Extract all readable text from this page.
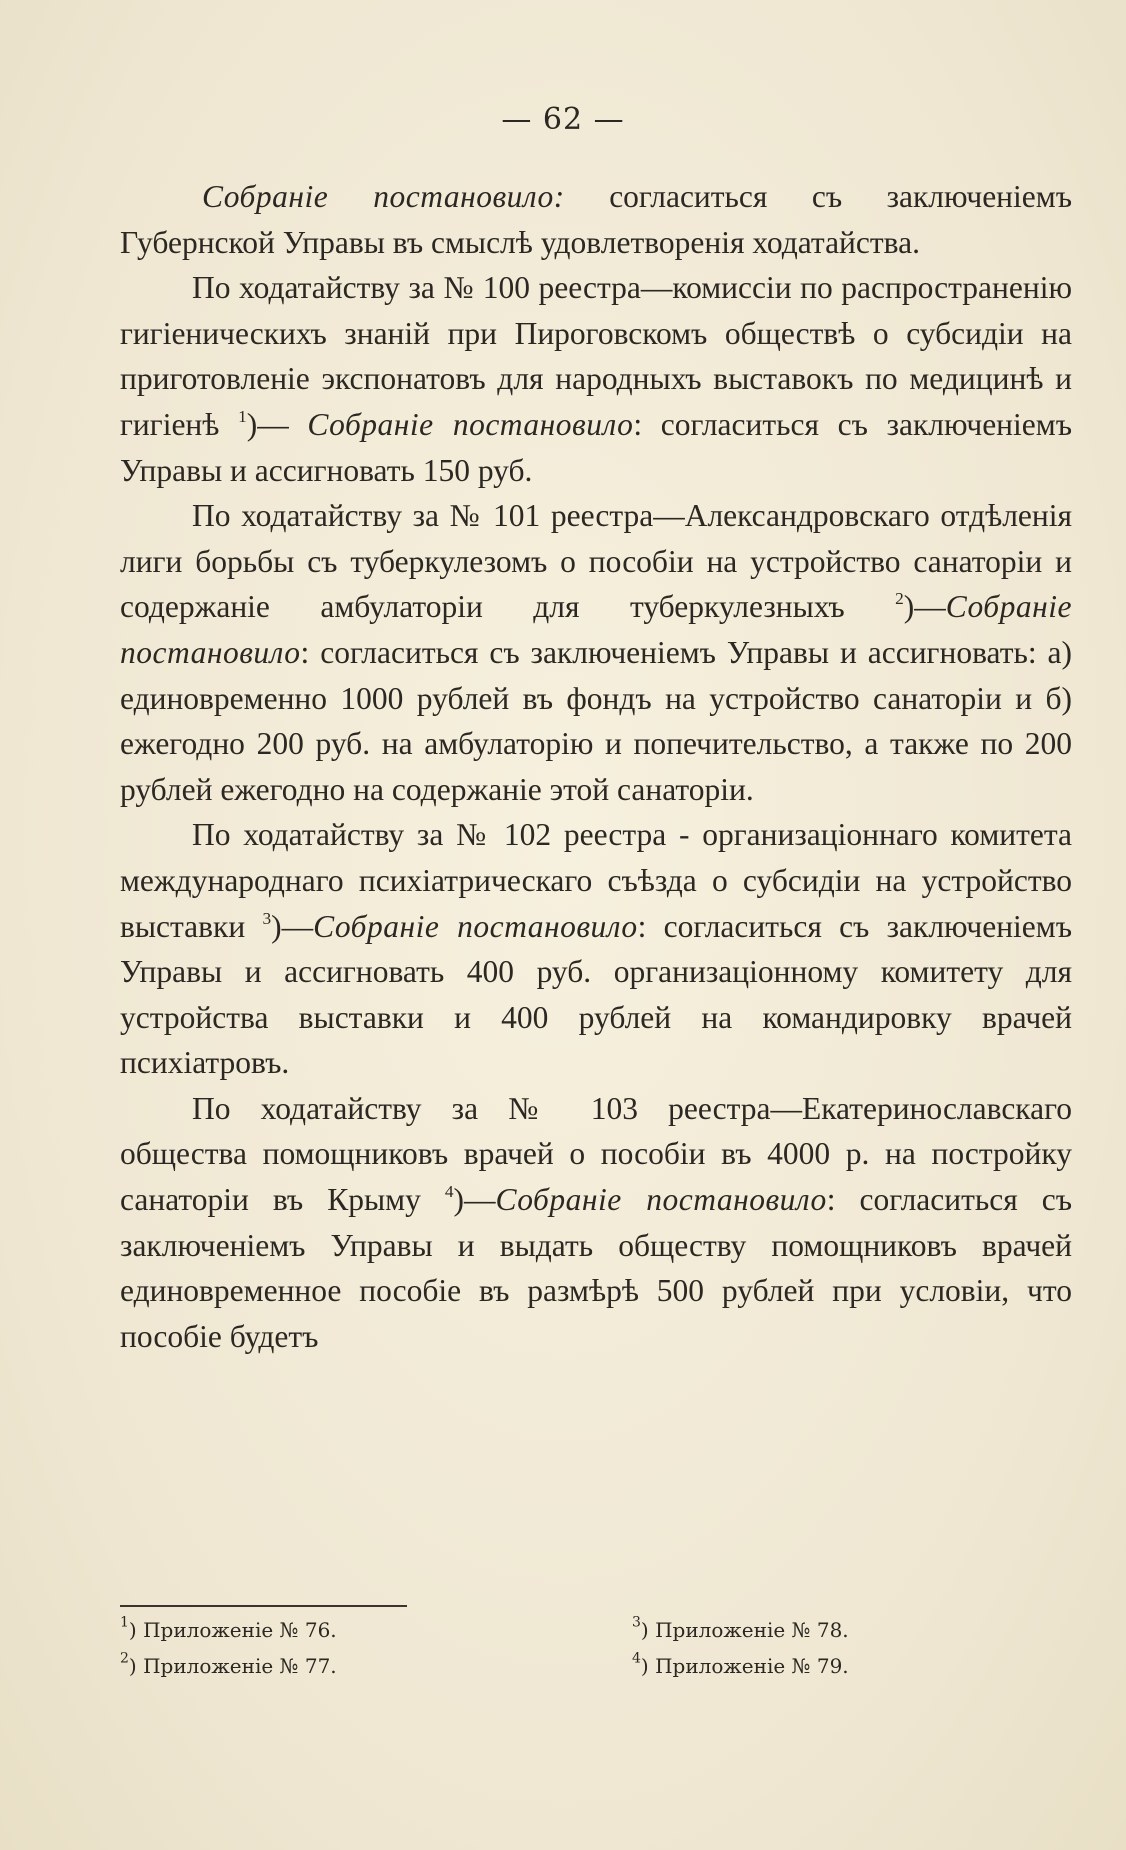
— 62 —

Собраніе постановило: согласиться съ заключеніемъ Губернской Управы въ смыслѣ удовлетворенія ходатайства.

По ходатайству за № 100 реестра—комиссіи по распространенію гигіеническихъ знаній при Пироговскомъ обществѣ о субсидіи на приготовленіе экспонатовъ для народныхъ выставокъ по медицинѣ и гигіенѣ $^1$)— Собраніе постановило: согласиться съ заключеніемъ Управы и ассигновать 150 руб.

По ходатайству за № 101 реестра—Александровскаго отдѣленія лиги борьбы съ туберкулезомъ о пособіи на устройство санаторіи и содержаніе амбулаторіи для туберкулезныхъ $^2$)—Собраніе постановило: согласиться съ заключеніемъ Управы и ассигновать: а) единовременно 1000 рублей въ фондъ на устройство санаторіи и б) ежегодно 200 руб. на амбулаторію и попечительство, а также по 200 рублей ежегодно на содержаніе этой санаторіи.

По ходатайству за № 102 реестра - организаціоннаго комитета международнаго психіатрическаго съѣзда о субсидіи на устройство выставки $^3$)—Собраніе постановило: согласиться съ заключеніемъ Управы и ассигновать 400 руб. организаціонному комитету для устройства выставки и 400 рублей на командировку врачей психіатровъ.

По ходатайству за № 103 реестра—Екатеринославскаго общества помощниковъ врачей о пособіи въ 4000 р. на постройку санаторіи въ Крыму $^4$)—Собраніе постановило: согласиться съ заключеніемъ Управы и выдать обществу помощниковъ врачей единовременное пособіе въ размѣрѣ 500 рублей при условіи, что пособіе будетъ

$^1$) Приложеніе № 76.	$^3$) Приложеніе № 78.
$^2$) Приложеніе № 77.	$^4$) Приложеніе № 79.
